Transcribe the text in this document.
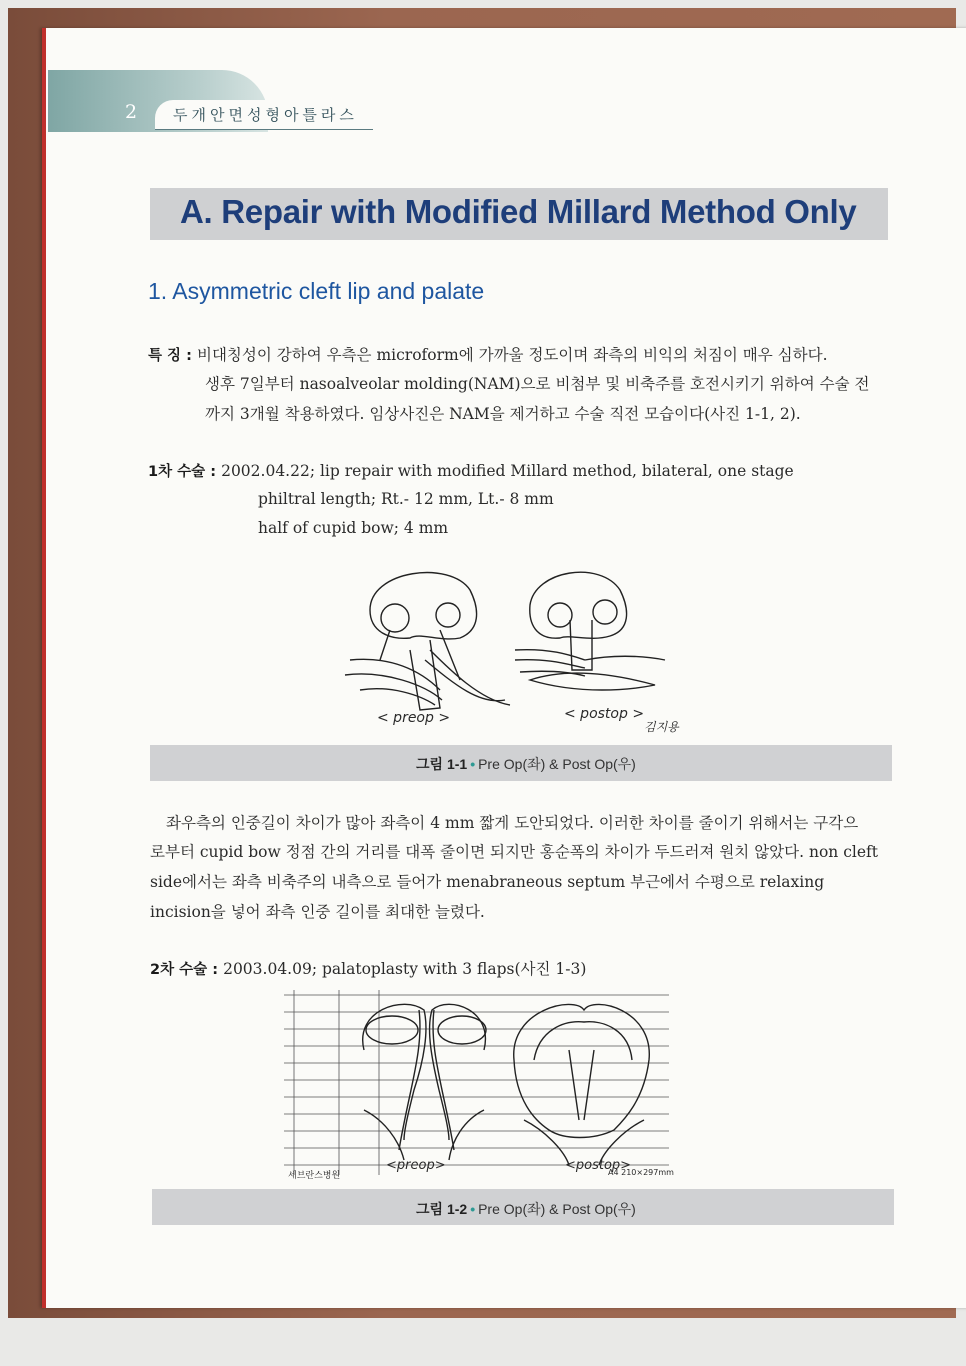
2	두개안면성형아틀라스
A. Repair with Modified Millard Method Only
1. Asymmetric cleft lip and palate
특 징 : 비대칭성이 강하여 우측은 microform에 가까울 정도이며 좌측의 비익의 처짐이 매우 심하다.
생후 7일부터 nasoalveolar molding(NAM)으로 비첨부 및 비축주를 호전시키기 위하여 수술 전
까지 3개월 착용하였다. 임상사진은 NAM을 제거하고 수술 직전 모습이다(사진 1-1, 2).
1차 수술 : 2002.04.22; lip repair with modified Millard method, bilateral, one stage
philtral length; Rt.- 12 mm, Lt.- 8 mm
half of cupid bow; 4 mm
< preop >	< postop >
김지용
그림 1-1 • Pre Op(좌) & Post Op(우)
좌우측의 인중길이 차이가 많아 좌측이 4 mm 짧게 도안되었다. 이러한 차이를 줄이기 위해서는 구각으
로부터 cupid bow 정점 간의 거리를 대폭 줄이면 되지만 홍순폭의 차이가 두드러져 원치 않았다. non cleft
side에서는 좌측 비축주의 내측으로 들어가 menabraneous septum 부근에서 수평으로 relaxing
incision을 넣어 좌측 인중 길이를 최대한 늘렸다.
2차 수술 : 2003.04.09; palatoplasty with 3 flaps(사진 1-3)
<preop>	<postop>
세브란스병원	A4 210×297mm
그림 1-2 • Pre Op(좌) & Post Op(우)
